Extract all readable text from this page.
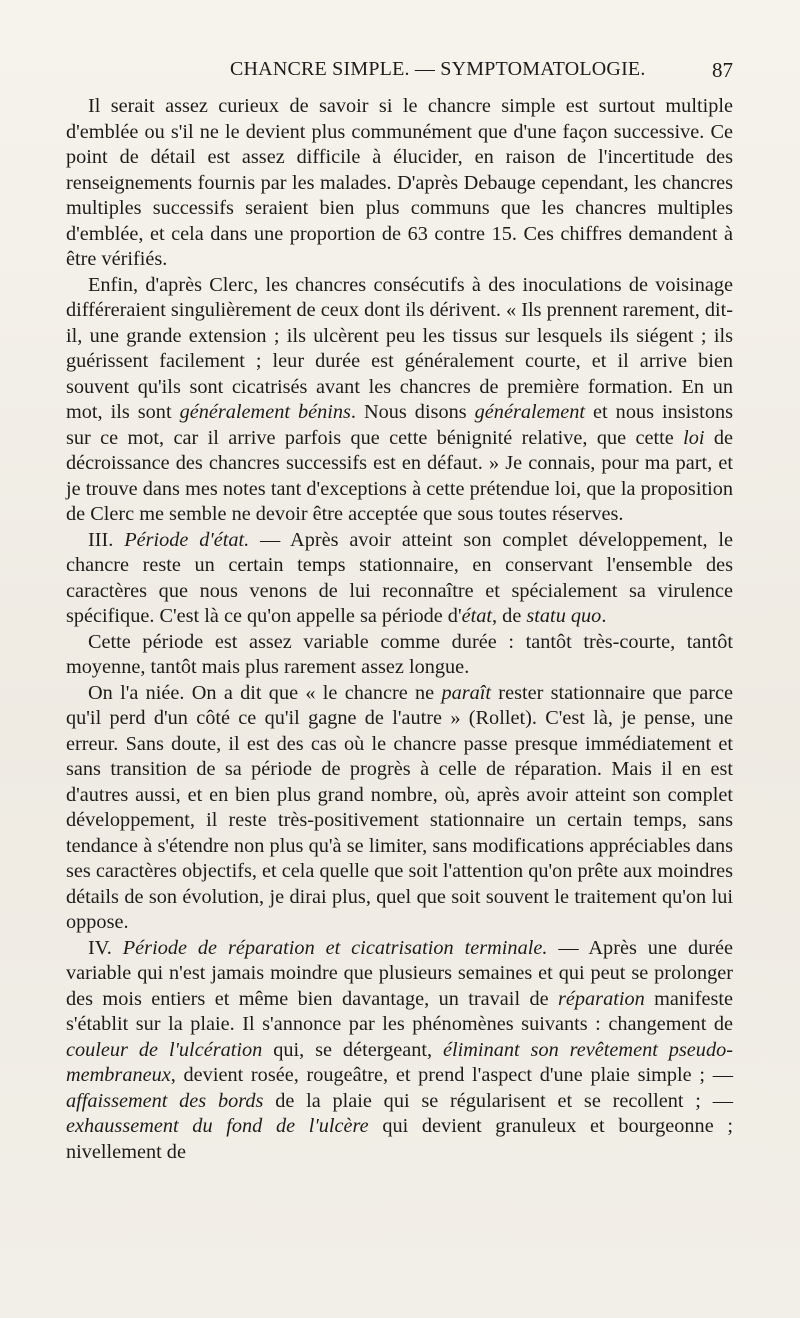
CHANCRE SIMPLE. — SYMPTOMATOLOGIE.	87

Il serait assez curieux de savoir si le chancre simple est surtout multiple d'emblée ou s'il ne le devient plus communément que d'une façon successive. Ce point de détail est assez difficile à élucider, en raison de l'incertitude des renseignements fournis par les malades. D'après Debauge cependant, les chancres multiples successifs seraient bien plus communs que les chancres multiples d'emblée, et cela dans une proportion de 63 contre 15. Ces chiffres demandent à être vérifiés.

Enfin, d'après Clerc, les chancres consécutifs à des inoculations de voisinage différeraient singulièrement de ceux dont ils dérivent. « Ils prennent rarement, dit-il, une grande extension ; ils ulcèrent peu les tissus sur lesquels ils siégent ; ils guérissent facilement ; leur durée est généralement courte, et il arrive bien souvent qu'ils sont cicatrisés avant les chancres de première formation. En un mot, ils sont généralement bénins. Nous disons généralement et nous insistons sur ce mot, car il arrive parfois que cette bénignité relative, que cette loi de décroissance des chancres successifs est en défaut. » Je connais, pour ma part, et je trouve dans mes notes tant d'exceptions à cette prétendue loi, que la proposition de Clerc me semble ne devoir être acceptée que sous toutes réserves.

III. Période d'état. — Après avoir atteint son complet développement, le chancre reste un certain temps stationnaire, en conservant l'ensemble des caractères que nous venons de lui reconnaître et spécialement sa virulence spécifique. C'est là ce qu'on appelle sa période d'état, de statu quo.

Cette période est assez variable comme durée : tantôt très-courte, tantôt moyenne, tantôt mais plus rarement assez longue.

On l'a niée. On a dit que « le chancre ne paraît rester stationnaire que parce qu'il perd d'un côté ce qu'il gagne de l'autre » (Rollet). C'est là, je pense, une erreur. Sans doute, il est des cas où le chancre passe presque immédiatement et sans transition de sa période de progrès à celle de réparation. Mais il en est d'autres aussi, et en bien plus grand nombre, où, après avoir atteint son complet développement, il reste très-positivement stationnaire un certain temps, sans tendance à s'étendre non plus qu'à se limiter, sans modifications appréciables dans ses caractères objectifs, et cela quelle que soit l'attention qu'on prête aux moindres détails de son évolution, je dirai plus, quel que soit souvent le traitement qu'on lui oppose.

IV. Période de réparation et cicatrisation terminale. — Après une durée variable qui n'est jamais moindre que plusieurs semaines et qui peut se prolonger des mois entiers et même bien davantage, un travail de réparation manifeste s'établit sur la plaie. Il s'annonce par les phénomènes suivants : changement de couleur de l'ulcération qui, se détergeant, éliminant son revêtement pseudo-membraneux, devient rosée, rougeâtre, et prend l'aspect d'une plaie simple ; — affaissement des bords de la plaie qui se régularisent et se recollent ; — exhaussement du fond de l'ulcère qui devient granuleux et bourgeonne ; nivellement de
